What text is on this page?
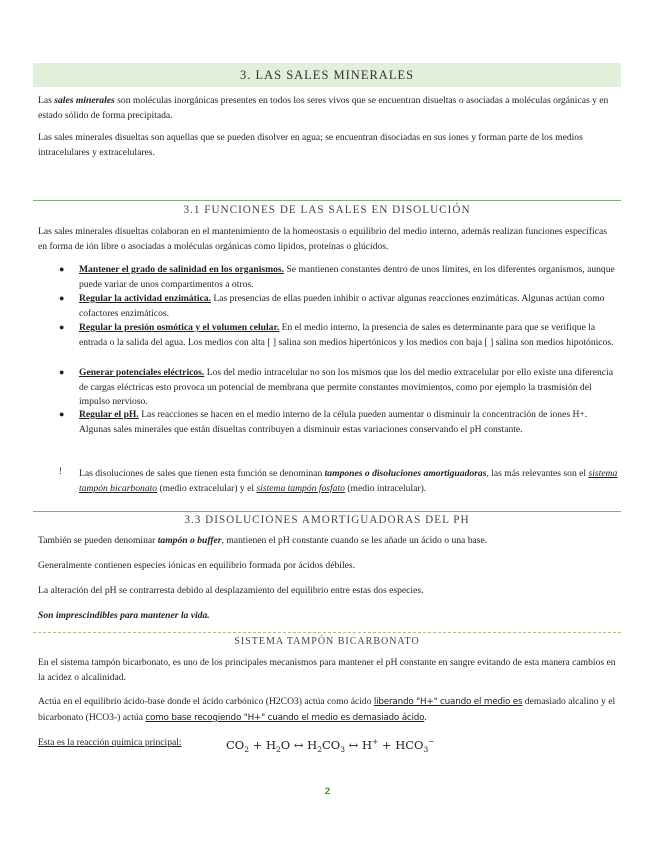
3. LAS SALES MINERALES

Las sales minerales son moléculas inorgánicas presentes en todos los seres vivos que se encuentran disueltas o asociadas a moléculas orgánicas y en estado sólido de forma precipitada.

Las sales minerales disueltas son aquellas que se pueden disolver en agua; se encuentran disociadas en sus iones y forman parte de los medios intracelulares y extracelulares.

3.1 FUNCIONES DE LAS SALES EN DISOLUCIÓN

Las sales minerales disueltas colaboran en el mantenimiento de la homeostasis o equilibrio del medio interno, además realizan funciones específicas en forma de ión libre o asociadas a moléculas orgánicas como lípidos, proteínas o glúcidos.

● Mantener el grado de salinidad en los organismos. Se mantienen constantes dentro de unos límites, en los diferentes organismos, aunque puede variar de unos compartimentos a otros.

● Regular la actividad enzimática. Las presencias de ellas pueden inhibir o activar algunas reacciones enzimáticas. Algunas actúan como cofactores enzimáticos.

● Regular la presión osmótica y el volumen celular. En el medio interno, la presencia de sales es determinante para que se verifique la entrada o la salida del agua. Los medios con alta [ ] salina son medios hipertónicos y los medios con baja [ ] salina son medios hipotónicos.

● Generar potenciales eléctricos. Los del medio intracelular no son los mismos que los del medio extracelular por ello existe una diferencia de cargas eléctricas esto provoca un potencial de membrana que permite constantes movimientos, como por ejemplo la trasmisión del impulso nervioso.

● Regular el pH. Las reacciones se hacen en el medio interno de la célula pueden aumentar o disminuir la concentración de iones H+. Algunas sales minerales que están disueltas contribuyen a disminuir estas variaciones conservando el pH constante.

! Las disoluciones de sales que tienen esta función se denominan tampones o disoluciones amortiguadoras, las más relevantes son el sistema tampón bicarbonato (medio extracelular) y el sistema tampón fosfato (medio intracelular).

3.3 DISOLUCIONES AMORTIGUADORAS DEL PH

También se pueden denominar tampón o buffer, mantienen el pH constante cuando se les añade un ácido o una base.

Generalmente contienen especies iónicas en equilibrio formada por ácidos débiles.

La alteración del pH se contrarresta debido al desplazamiento del equilibrio entre estas dos especies.

Son imprescindibles para mantener la vida.

SISTEMA TAMPÓN BICARBONATO

En el sistema tampón bicarbonato, es uno de los principales mecanismos para mantener el pH constante en sangre evitando de esta manera cambios en la acidez o alcalinidad.

Actúa en el equilibrio ácido-base donde el ácido carbónico (H2CO3) actúa como ácido liberando "H+" cuando el medio es demasiado alcalino y el bicarbonato (HCO3-) actúa como base recogiendo "H+" cuando el medio es demasiado ácido.

Esta es la reacción química principal:	$CO_2 + H_2O$ ↔ $H_2CO_3$ ↔ $H^+ + HCO_3^-$
2
